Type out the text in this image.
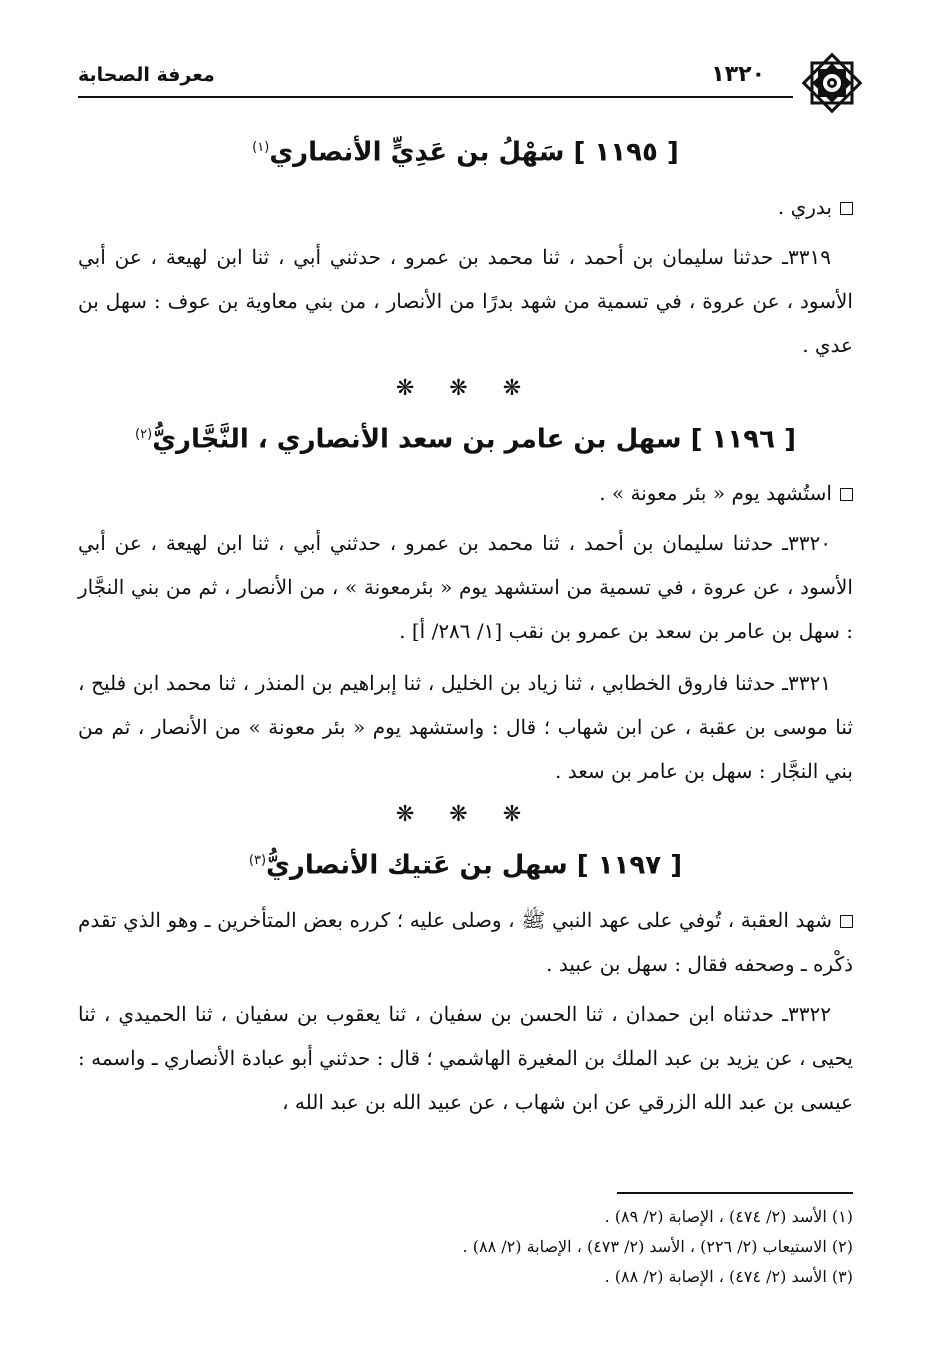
١٣٢٠
معرفة الصحابة
[ ١١٩٥ ] سَهْلُ بن عَدِيٍّ الأنصاري$^{(١)}$

بدري .

٣٣١٩ـ حدثنا سليمان بن أحمد ، ثنا محمد بن عمرو ، حدثني أبي ، ثنا ابن لهيعة ، عن أبي الأسود ، عن عروة ، في تسمية من شهد بدرًا من الأنصار ، من بني معاوية بن عوف : سهل بن عدي .

❋ ❋ ❋
[ ١١٩٦ ] سهل بن عامر بن سعد الأنصاري ، النَّجَّاريُّ$^{(٢)}$

استُشهد يوم « بئر معونة » .

٣٣٢٠ـ حدثنا سليمان بن أحمد ، ثنا محمد بن عمرو ، حدثني أبي ، ثنا ابن لهيعة ، عن أبي الأسود ، عن عروة ، في تسمية من استشهد يوم « بئرمعونة » ، من الأنصار ، ثم من بني النجَّار : سهل بن عامر بن سعد بن عمرو بن نقب [١/ ٢٨٦/ أ] .

٣٣٢١ـ حدثنا فاروق الخطابي ، ثنا زياد بن الخليل ، ثنا إبراهيم بن المنذر ، ثنا محمد ابن فليح ، ثنا موسى بن عقبة ، عن ابن شهاب ؛ قال : واستشهد يوم « بئر معونة » من الأنصار ، ثم من بني النجَّار : سهل بن عامر بن سعد .

❋ ❋ ❋
[ ١١٩٧ ] سهل بن عَتيك الأنصاريُّ$^{(٣)}$

شهد العقبة ، تُوفي على عهد النبي ﷺ ، وصلى عليه ؛ كرره بعض المتأخرين ـ وهو الذي تقدم ذكْره ـ وصحفه فقال : سهل بن عبيد .

٣٣٢٢ـ حدثناه ابن حمدان ، ثنا الحسن بن سفيان ، ثنا يعقوب بن سفيان ، ثنا الحميدي ، ثنا يحيى ، عن يزيد بن عبد الملك بن المغيرة الهاشمي ؛ قال : حدثني أبو عبادة الأنصاري ـ واسمه : عيسى بن عبد الله الزرقي عن ابن شهاب ، عن عبيد الله بن عبد الله ،

(١) الأسد (٢/ ٤٧٤) ، الإصابة (٢/ ٨٩) .

(٢) الاستيعاب (٢/ ٢٢٦) ، الأسد (٢/ ٤٧٣) ، الإصابة (٢/ ٨٨) .

(٣) الأسد (٢/ ٤٧٤) ، الإصابة (٢/ ٨٨) .
